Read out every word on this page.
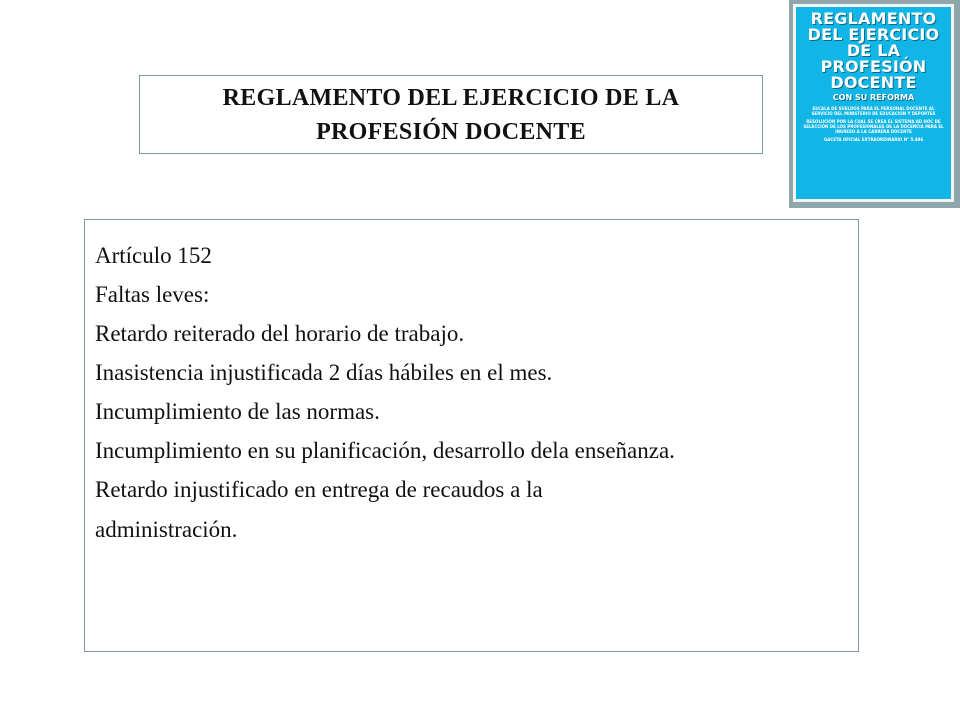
REGLAMENTO DEL EJERCICIO DE LA
PROFESIÓN DOCENTE
REGLAMENTO
DEL EJERCICIO
DE LA
PROFESIÓN
DOCENTE
CON SU REFORMA
ESCALA DE SUELDOS PARA EL PERSONAL DOCENTE AL SERVICIO DEL MINISTERIO DE EDUCACIÓN Y DEPORTES
RESOLUCIÓN POR LA CUAL SE CREA EL SISTEMA AD HOC DE SELECCIÓN DE LOS PROFESIONALES DE LA DOCENCIA PARA EL INGRESO A LA CARRERA DOCENTE
GACETA OFICIAL EXTRAORDINARIO N° 5.496

Artículo 152

Faltas leves:

Retardo reiterado del horario de trabajo.

Inasistencia injustificada 2 días hábiles en el mes.

Incumplimiento de las normas.

Incumplimiento en su planificación, desarrollo dela enseñanza.

Retardo injustificado en entrega de recaudos a la

administración.
